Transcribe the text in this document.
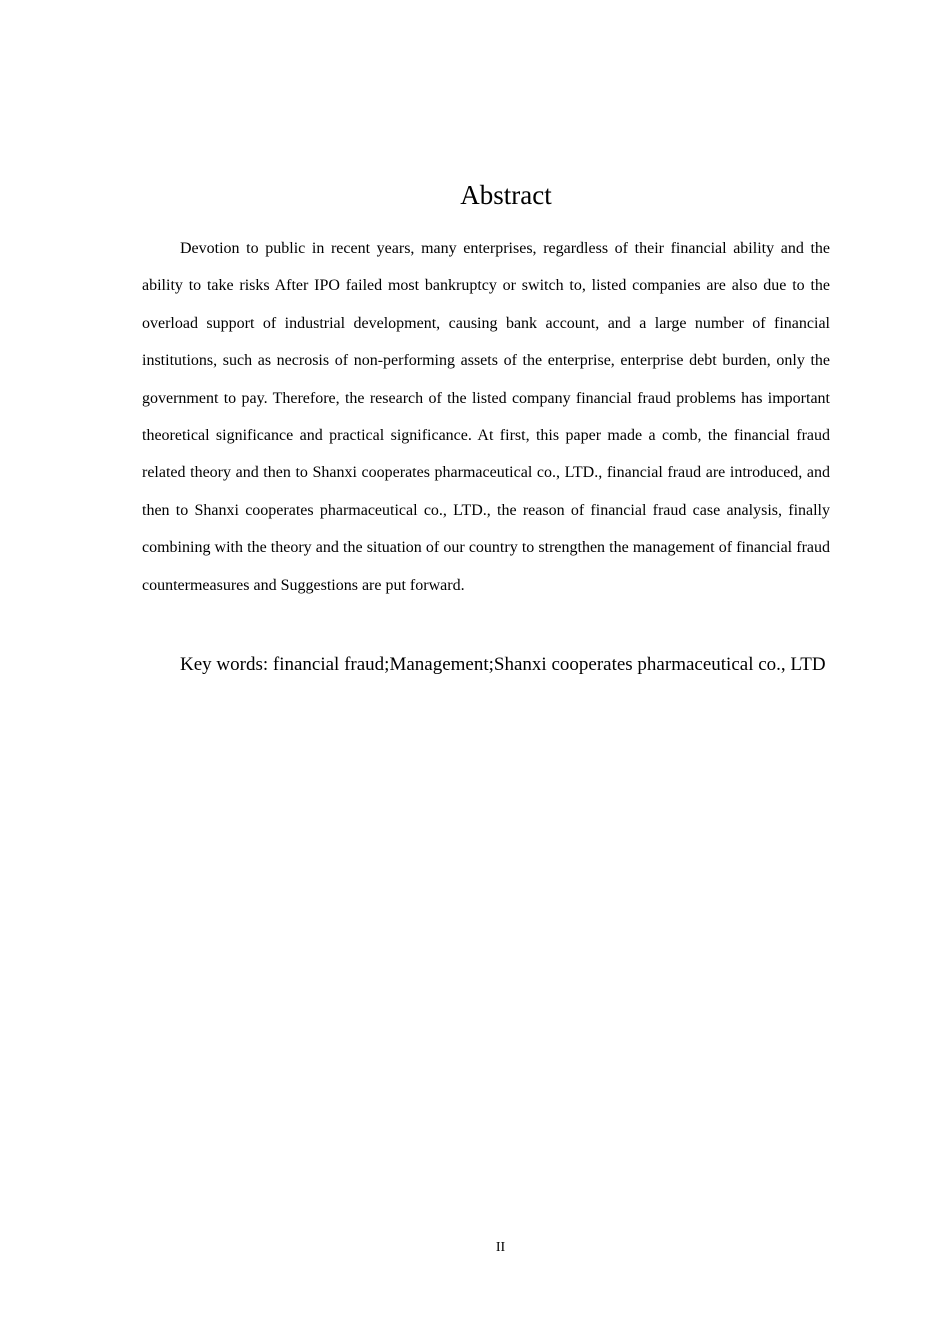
Abstract

Devotion to public in recent years, many enterprises, regardless of their financial ability and the ability to take risks After IPO failed most bankruptcy or switch to, listed companies are also due to the overload support of industrial development, causing bank account, and a large number of financial institutions, such as necrosis of non-performing assets of the enterprise, enterprise debt burden, only the government to pay. Therefore, the research of the listed company financial fraud problems has important theoretical significance and practical significance. At first, this paper made a comb, the financial fraud related theory and then to Shanxi cooperates pharmaceutical co., LTD., financial fraud are introduced, and then to Shanxi cooperates pharmaceutical co., LTD., the reason of financial fraud case analysis, finally combining with the theory and the situation of our country to strengthen the management of financial fraud countermeasures and Suggestions are put forward.

Key words: financial fraud;Management;Shanxi cooperates pharmaceutical co., LTD

II
